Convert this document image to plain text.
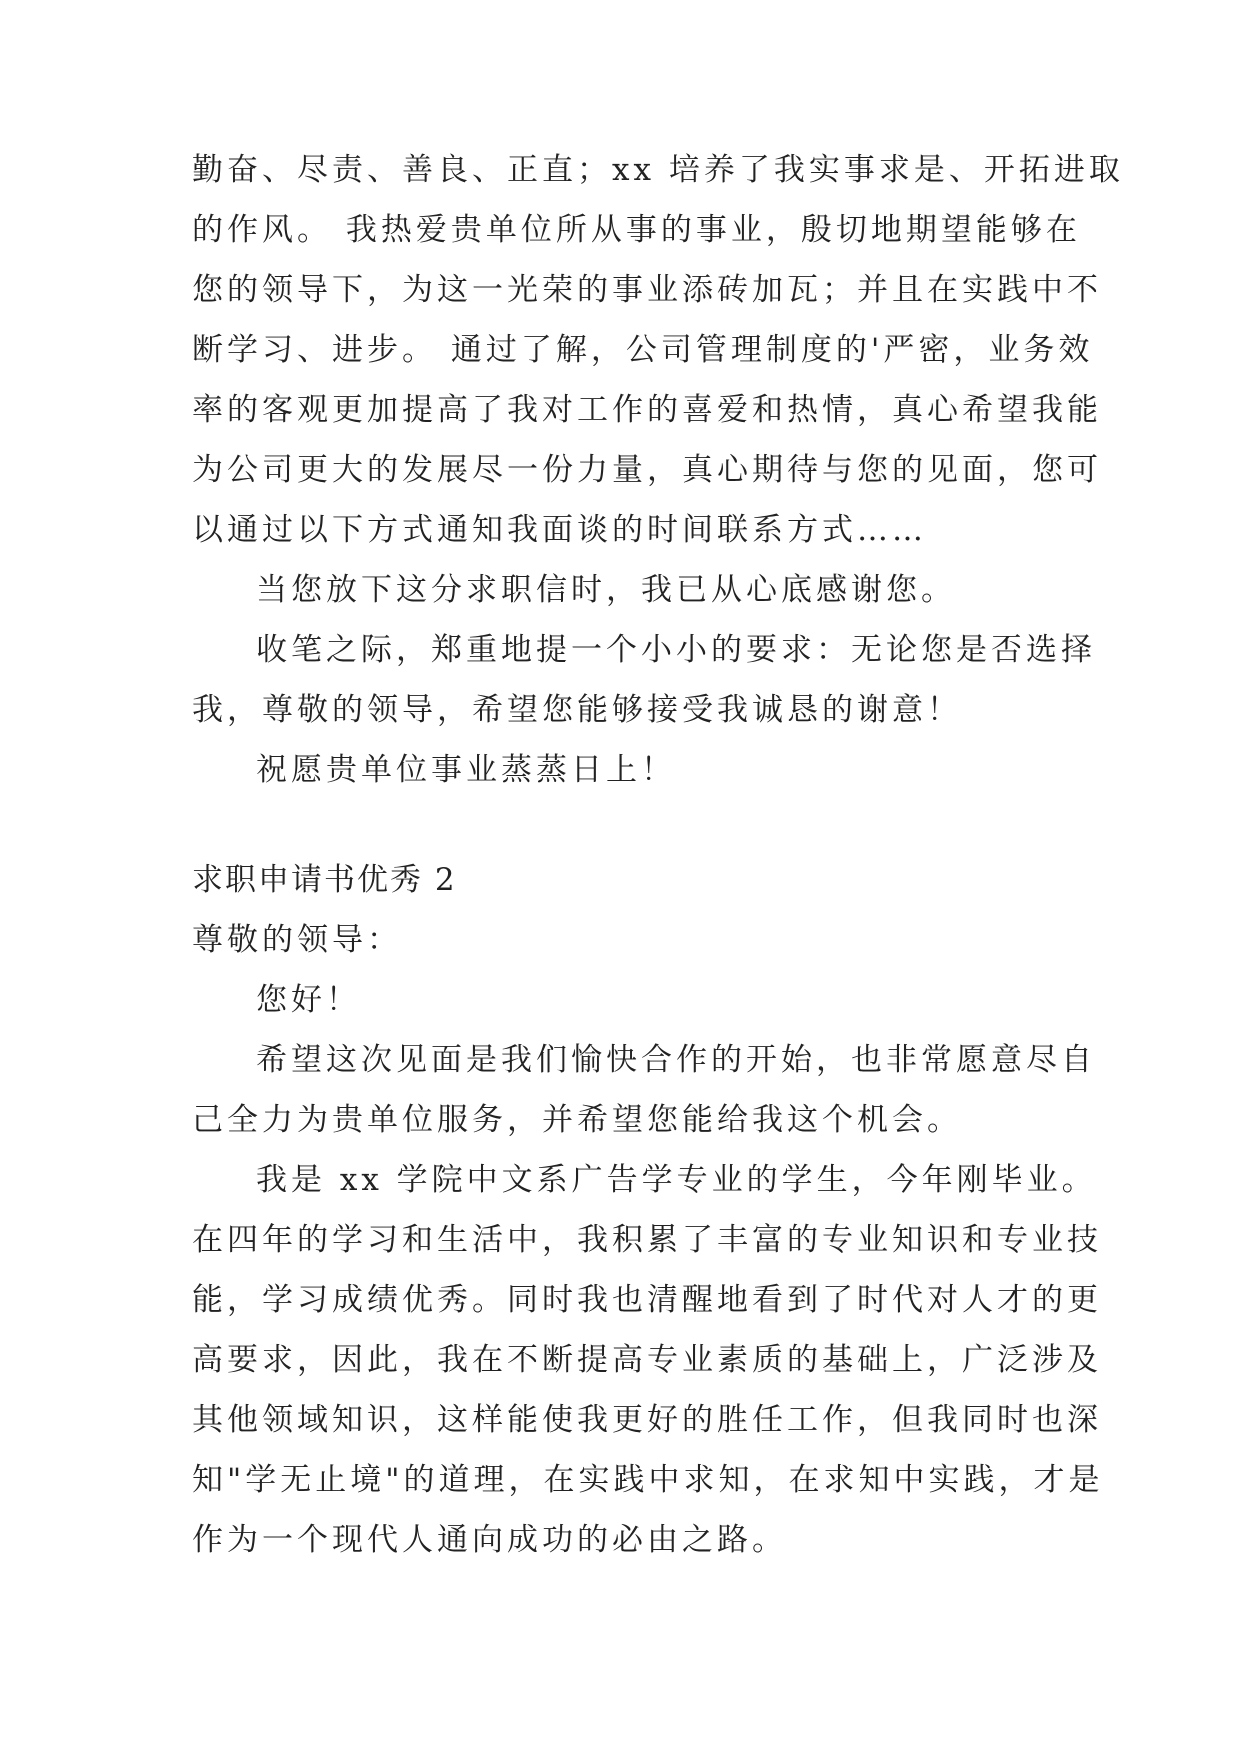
勤奋、尽责、善良、正直；xx 培养了我实事求是、开拓进取
的作风。 我热爱贵单位所从事的事业，殷切地期望能够在
您的领导下，为这一光荣的事业添砖加瓦；并且在实践中不
断学习、进步。 通过了解，公司管理制度的'严密，业务效
率的客观更加提高了我对工作的喜爱和热情，真心希望我能
为公司更大的发展尽一份力量，真心期待与您的见面，您可
以通过以下方式通知我面谈的时间联系方式……
当您放下这分求职信时，我已从心底感谢您。
收笔之际，郑重地提一个小小的要求：无论您是否选择
我，尊敬的领导，希望您能够接受我诚恳的谢意！
祝愿贵单位事业蒸蒸日上！
求职申请书优秀 2
尊敬的领导：
您好！
希望这次见面是我们愉快合作的开始，也非常愿意尽自
己全力为贵单位服务，并希望您能给我这个机会。
我是 xx 学院中文系广告学专业的学生，今年刚毕业。
在四年的学习和生活中，我积累了丰富的专业知识和专业技
能，学习成绩优秀。同时我也清醒地看到了时代对人才的更
高要求，因此，我在不断提高专业素质的基础上，广泛涉及
其他领域知识，这样能使我更好的胜任工作，但我同时也深
知"学无止境"的道理，在实践中求知，在求知中实践，才是
作为一个现代人通向成功的必由之路。
